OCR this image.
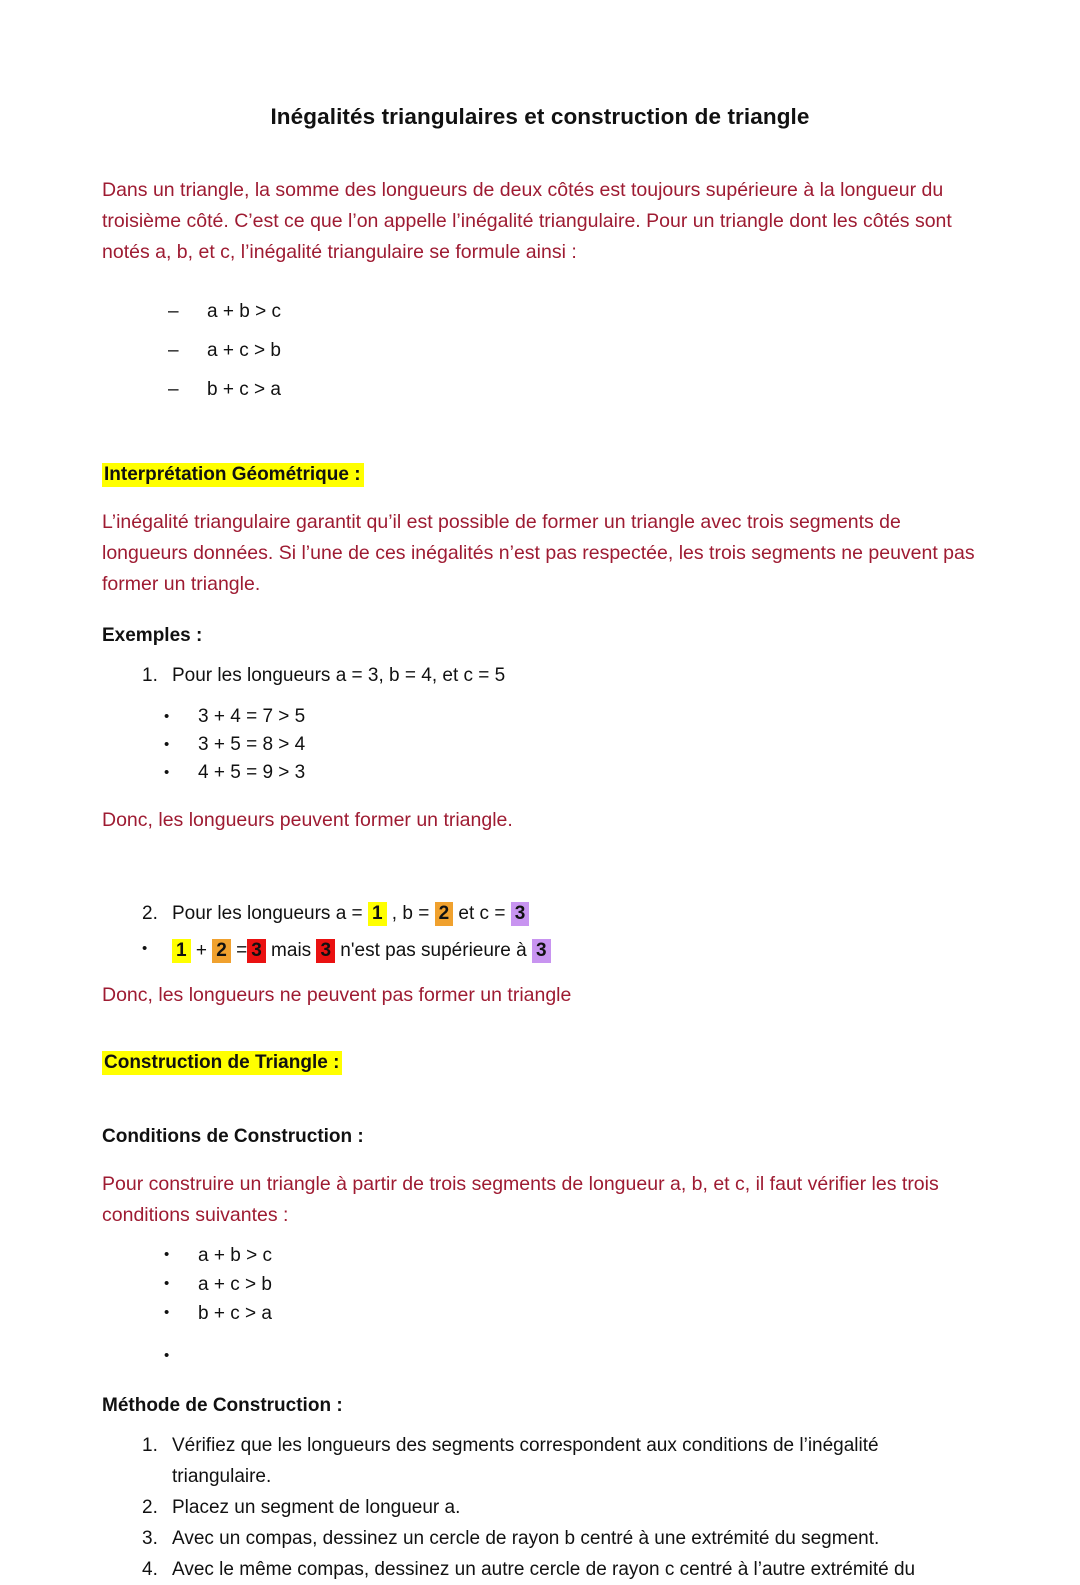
Inégalités triangulaires et construction de triangle

Dans un triangle, la somme des longueurs de deux côtés est toujours supérieure à la longueur du troisième côté. C’est ce que l’on appelle l’inégalité triangulaire. Pour un triangle dont les côtés sont notés a, b, et c, l’inégalité triangulaire se formule ainsi :

–	a + b > c
–	a + c > b
–	b + c > a

Interprétation Géométrique :

L’inégalité triangulaire garantit qu’il est possible de former un triangle avec trois segments de longueurs données. Si l’une de ces inégalités n’est pas respectée, les trois segments ne peuvent pas former un triangle.

Exemples :

1. Pour les longueurs a = 3, b = 4, et c = 5
•	3 + 4 = 7 > 5
•	3 + 5 = 8 > 4
•	4 + 5 = 9 > 3

Donc, les longueurs peuvent former un triangle.

2. Pour les longueurs a = 1 , b = 2 et c = 3
•	1 + 2 = 3 mais 3 n'est pas supérieure à 3

Donc, les longueurs ne peuvent pas former un triangle

Construction de Triangle :

Conditions de Construction :

Pour construire un triangle à partir de trois segments de longueur a, b, et c, il faut vérifier les trois conditions suivantes :

•	a + b > c
•	a + c > b
•	b + c > a
•

Méthode de Construction :

1. Vérifiez que les longueurs des segments correspondent aux conditions de l’inégalité triangulaire.
2. Placez un segment de longueur a.
3. Avec un compas, dessinez un cercle de rayon b centré à une extrémité du segment.
4. Avec le même compas, dessinez un autre cercle de rayon c centré à l’autre extrémité du
